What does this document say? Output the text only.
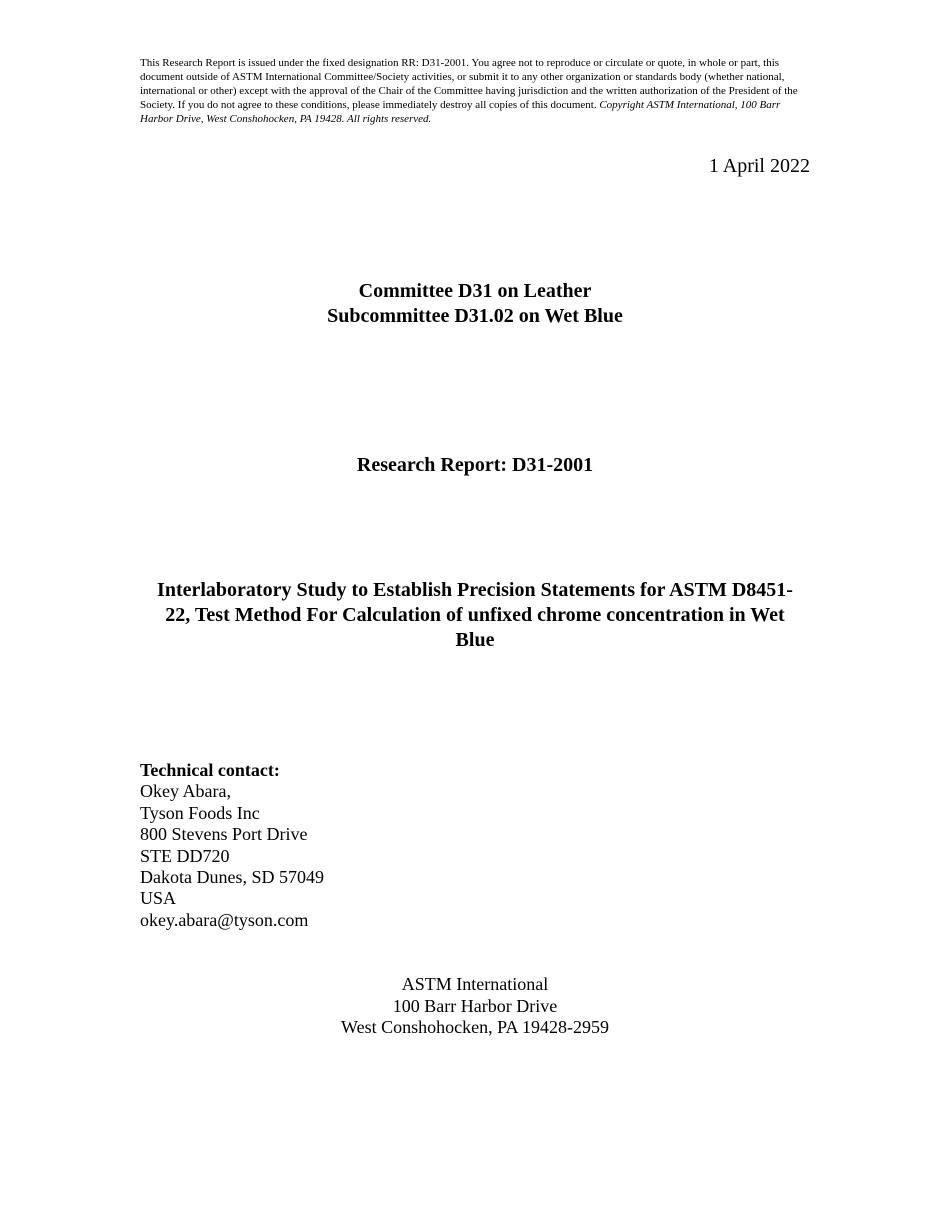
This Research Report is issued under the fixed designation RR: D31-2001. You agree not to reproduce or circulate or quote, in whole or part, this document outside of ASTM International Committee/Society activities, or submit it to any other organization or standards body (whether national, international or other) except with the approval of the Chair of the Committee having jurisdiction and the written authorization of the President of the Society. If you do not agree to these conditions, please immediately destroy all copies of this document. Copyright ASTM International, 100 Barr Harbor Drive, West Conshohocken, PA 19428. All rights reserved.
1 April 2022
Committee D31 on Leather
Subcommittee D31.02 on Wet Blue
Research Report: D31-2001
Interlaboratory Study to Establish Precision Statements for ASTM D8451-22, Test Method For Calculation of unfixed chrome concentration in Wet Blue
Technical contact:
Okey Abara,
Tyson Foods Inc
800 Stevens Port Drive
STE DD720
Dakota Dunes, SD 57049
USA
okey.abara@tyson.com
ASTM International
100 Barr Harbor Drive
West Conshohocken, PA 19428-2959
